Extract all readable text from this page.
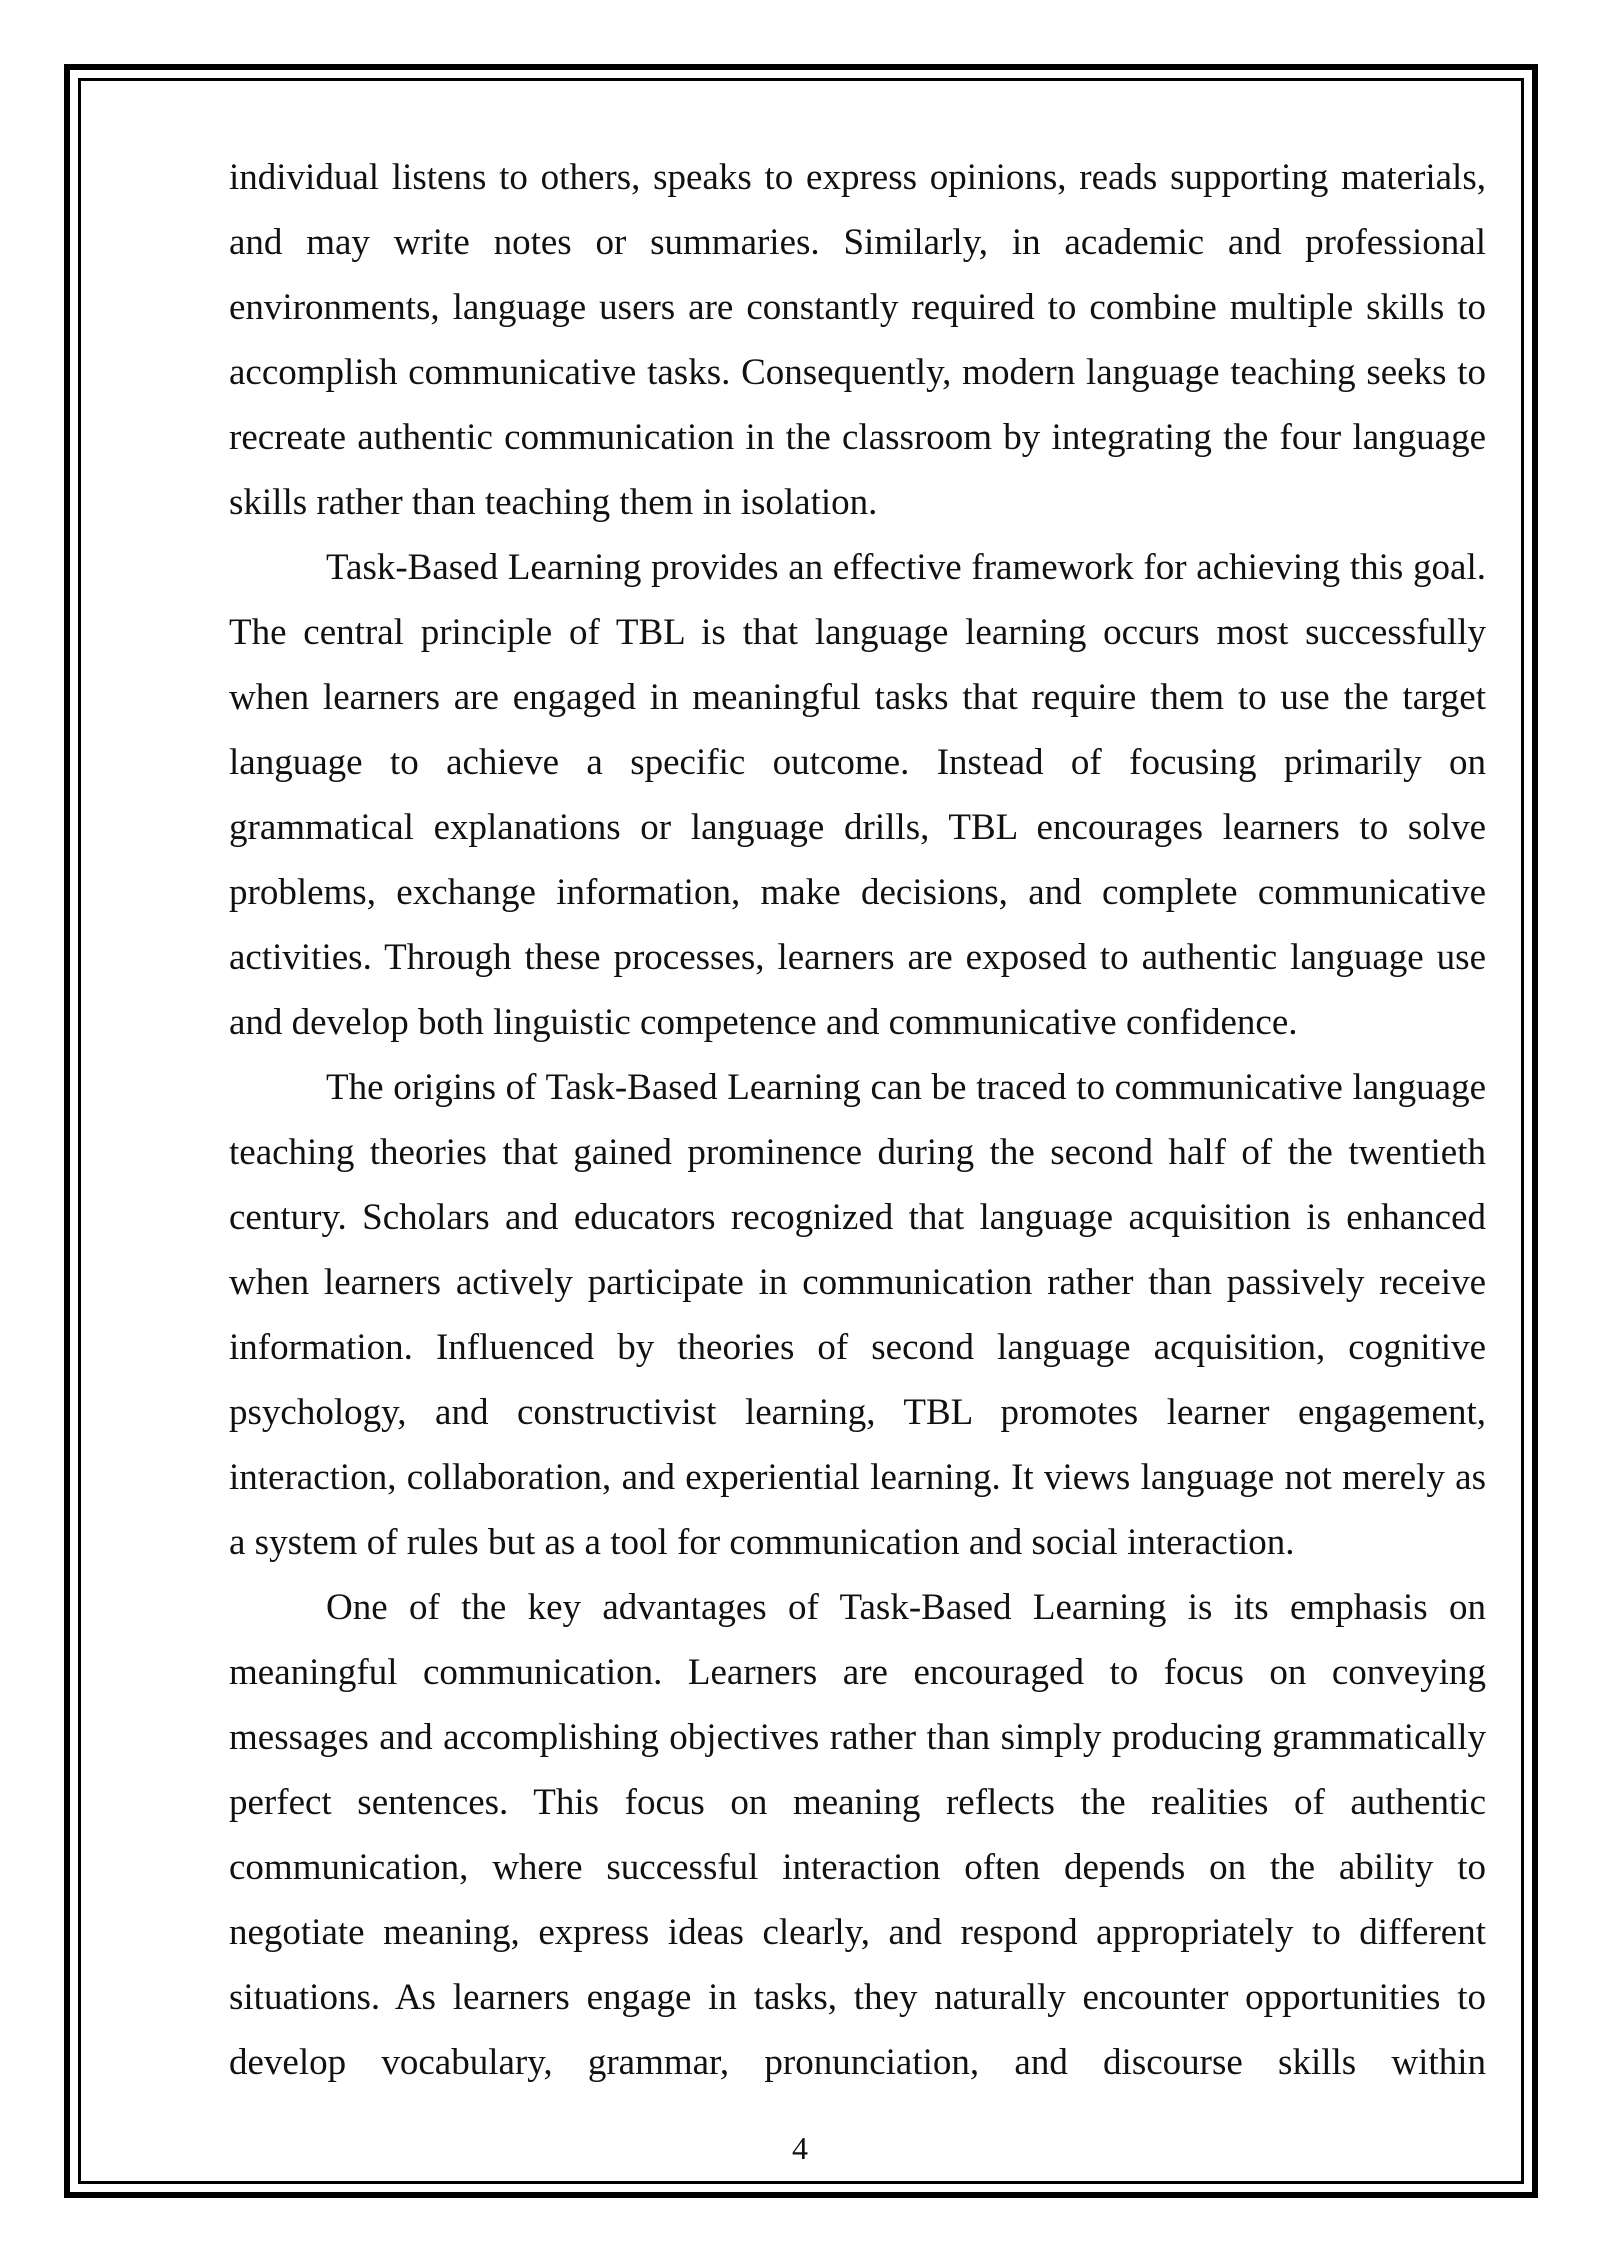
individual listens to others, speaks to express opinions, reads supporting materials, and may write notes or summaries. Similarly, in academic and professional environments, language users are constantly required to combine multiple skills to accomplish communicative tasks. Consequently, modern language teaching seeks to recreate authentic communication in the classroom by integrating the four language skills rather than teaching them in isolation.

Task-Based Learning provides an effective framework for achieving this goal. The central principle of TBL is that language learning occurs most successfully when learners are engaged in meaningful tasks that require them to use the target language to achieve a specific outcome. Instead of focusing primarily on grammatical explanations or language drills, TBL encourages learners to solve problems, exchange information, make decisions, and complete communicative activities. Through these processes, learners are exposed to authentic language use and develop both linguistic competence and communicative confidence.

The origins of Task-Based Learning can be traced to communicative language teaching theories that gained prominence during the second half of the twentieth century. Scholars and educators recognized that language acquisition is enhanced when learners actively participate in communication rather than passively receive information. Influenced by theories of second language acquisition, cognitive psychology, and constructivist learning, TBL promotes learner engagement, interaction, collaboration, and experiential learning. It views language not merely as a system of rules but as a tool for communication and social interaction.

One of the key advantages of Task-Based Learning is its emphasis on meaningful communication. Learners are encouraged to focus on conveying messages and accomplishing objectives rather than simply producing grammatically perfect sentences. This focus on meaning reflects the realities of authentic communication, where successful interaction often depends on the ability to negotiate meaning, express ideas clearly, and respond appropriately to different situations. As learners engage in tasks, they naturally encounter opportunities to develop vocabulary, grammar, pronunciation, and discourse skills within

4
